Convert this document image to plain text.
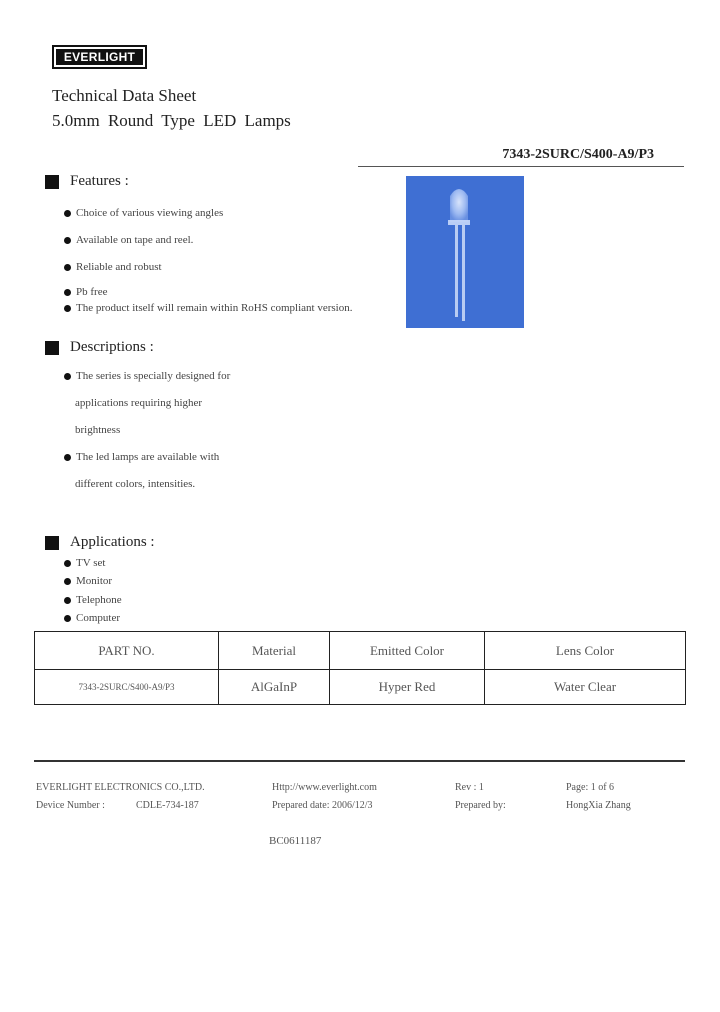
EVERLIGHT
Technical Data Sheet
5.0mm Round Type LED Lamps
7343-2SURC/S400-A9/P3
Features :
Choice of various viewing angles
Available on tape and reel.
Reliable and robust
Pb free
The product itself will remain within RoHS compliant version.
Descriptions :
The series is specially designed for
applications requiring higher
brightness
The led lamps are available with
different colors, intensities.
Applications :
TV set
Monitor
Telephone
Computer
PART NO.	Material	Emitted Color	Lens Color
7343-2SURC/S400-A9/P3	AlGaInP	Hyper Red	Water Clear
EVERLIGHT ELECTRONICS CO.,LTD.	Http://www.everlight.com	Rev : 1	Page: 1 of 6
Device Number :	CDLE-734-187	Prepared date: 2006/12/3	Prepared by:	HongXia Zhang
BC0611187
